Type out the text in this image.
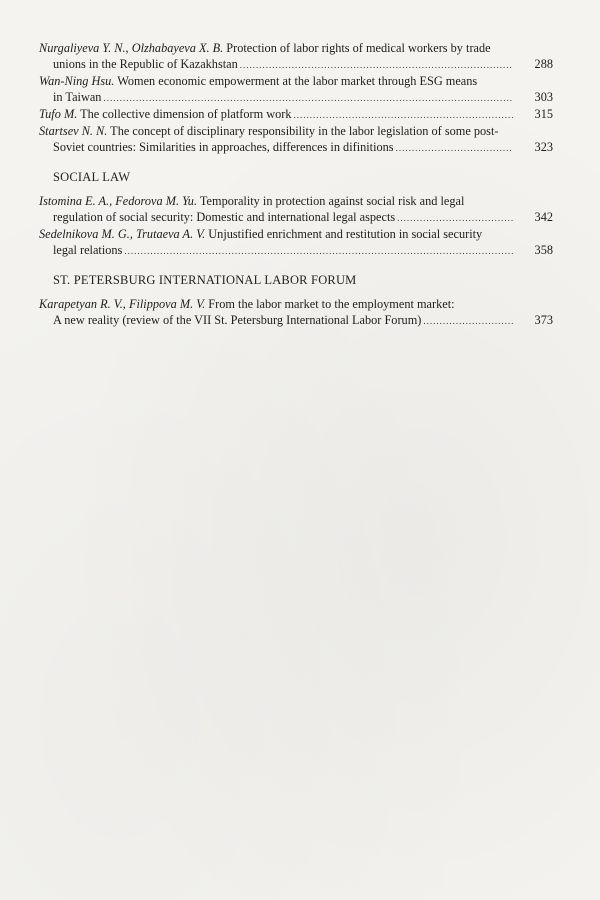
Nurgaliyeva Y. N., Olzhabayeva X. B. Protection of labor rights of medical workers by trade
unions in the Republic of Kazakhstan .....	288
Wan-Ning Hsu. Women economic empowerment at the labor market through ESG means
in Taiwan .....	303
Tufo M. The collective dimension of platform work .....	315
Startsev N. N. The concept of disciplinary responsibility in the labor legislation of some post-
Soviet countries: Similarities in approaches, differences in difinitions .....	323
SOCIAL LAW
Istomina E. A., Fedorova M. Yu. Temporality in protection against social risk and legal
regulation of social security: Domestic and international legal aspects .....	342
Sedelnikova M. G., Trutaeva A. V. Unjustified enrichment and restitution in social security
legal relations .....	358
ST. PETERSBURG INTERNATIONAL LABOR FORUM
Karapetyan R. V., Filippova M. V. From the labor market to the employment market:
A new reality (review of the VII St. Petersburg International Labor Forum) .....	373
